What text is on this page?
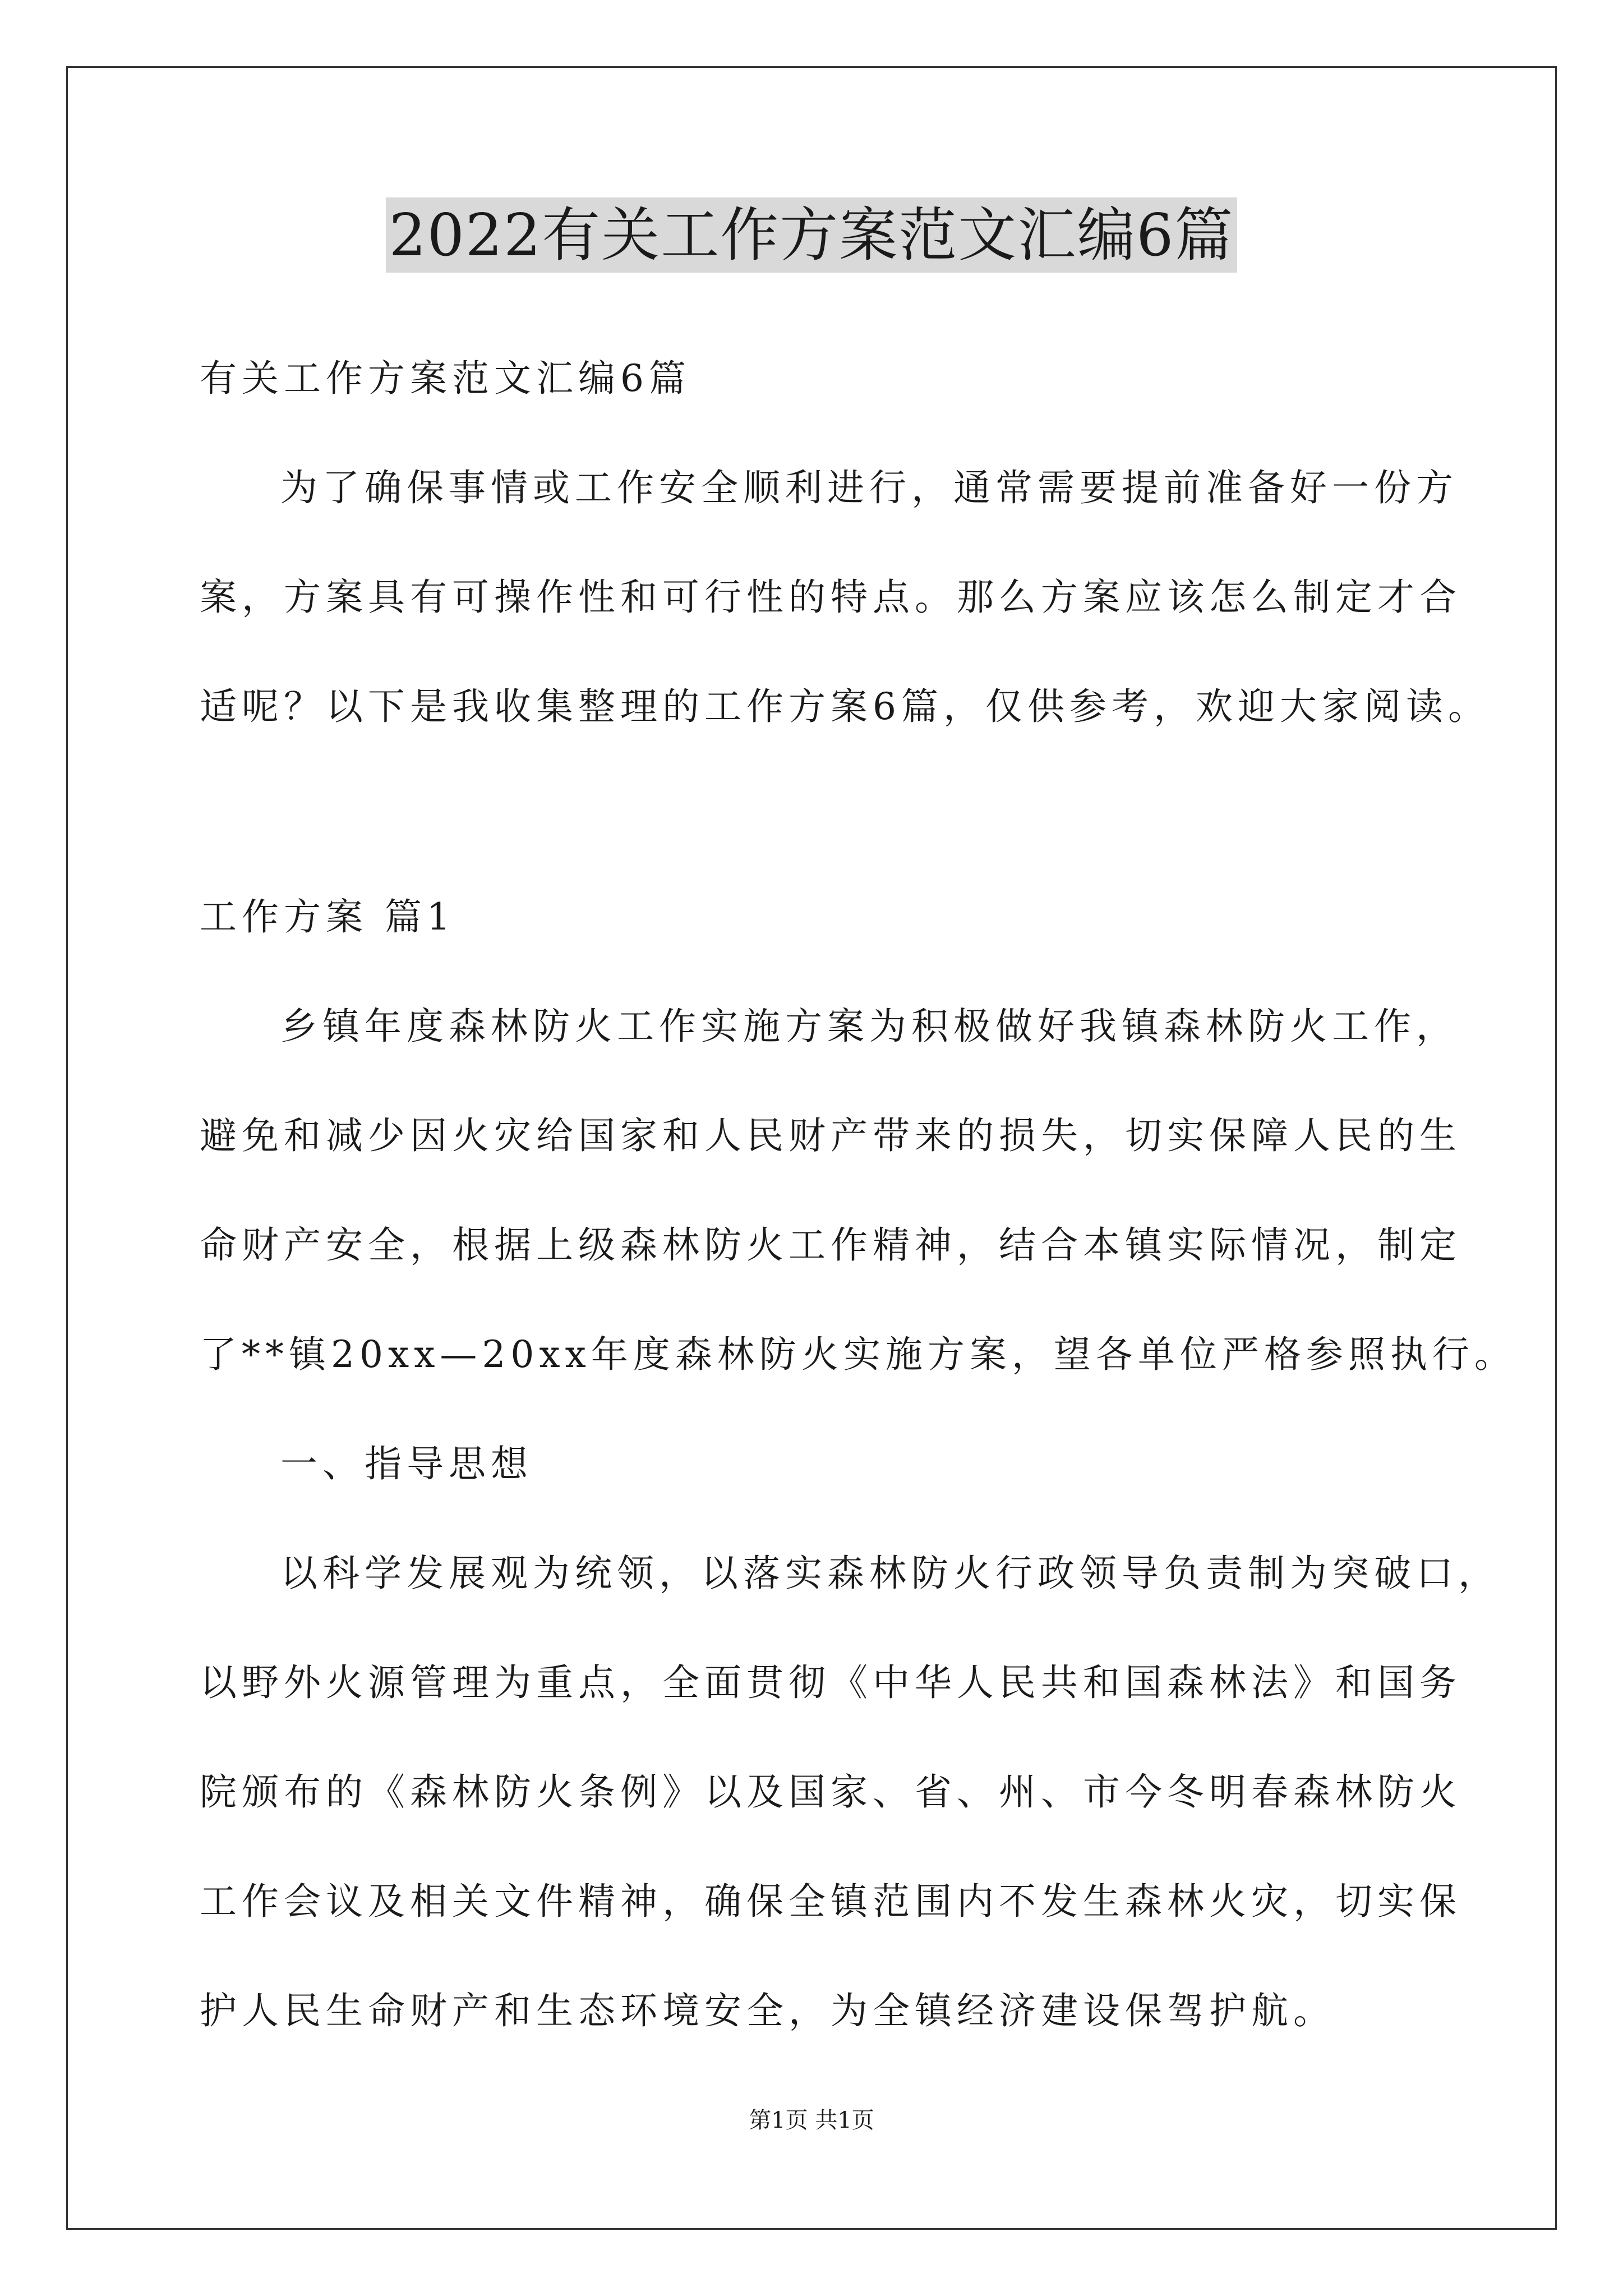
2022有关工作方案范文汇编6篇
有关工作方案范文汇编6篇
为了确保事情或工作安全顺利进行，通常需要提前准备好一份方
案，方案具有可操作性和可行性的特点。那么方案应该怎么制定才合
适呢？以下是我收集整理的工作方案6篇，仅供参考，欢迎大家阅读。
工作方案 篇1
乡镇年度森林防火工作实施方案为积极做好我镇森林防火工作，
避免和减少因火灾给国家和人民财产带来的损失，切实保障人民的生
命财产安全，根据上级森林防火工作精神，结合本镇实际情况，制定
了**镇20xx—20xx年度森林防火实施方案，望各单位严格参照执行。
一、指导思想
以科学发展观为统领，以落实森林防火行政领导负责制为突破口，
以野外火源管理为重点，全面贯彻《中华人民共和国森林法》和国务
院颁布的《森林防火条例》以及国家、省、州、市今冬明春森林防火
工作会议及相关文件精神，确保全镇范围内不发生森林火灾，切实保
护人民生命财产和生态环境安全，为全镇经济建设保驾护航。
第1页 共1页
